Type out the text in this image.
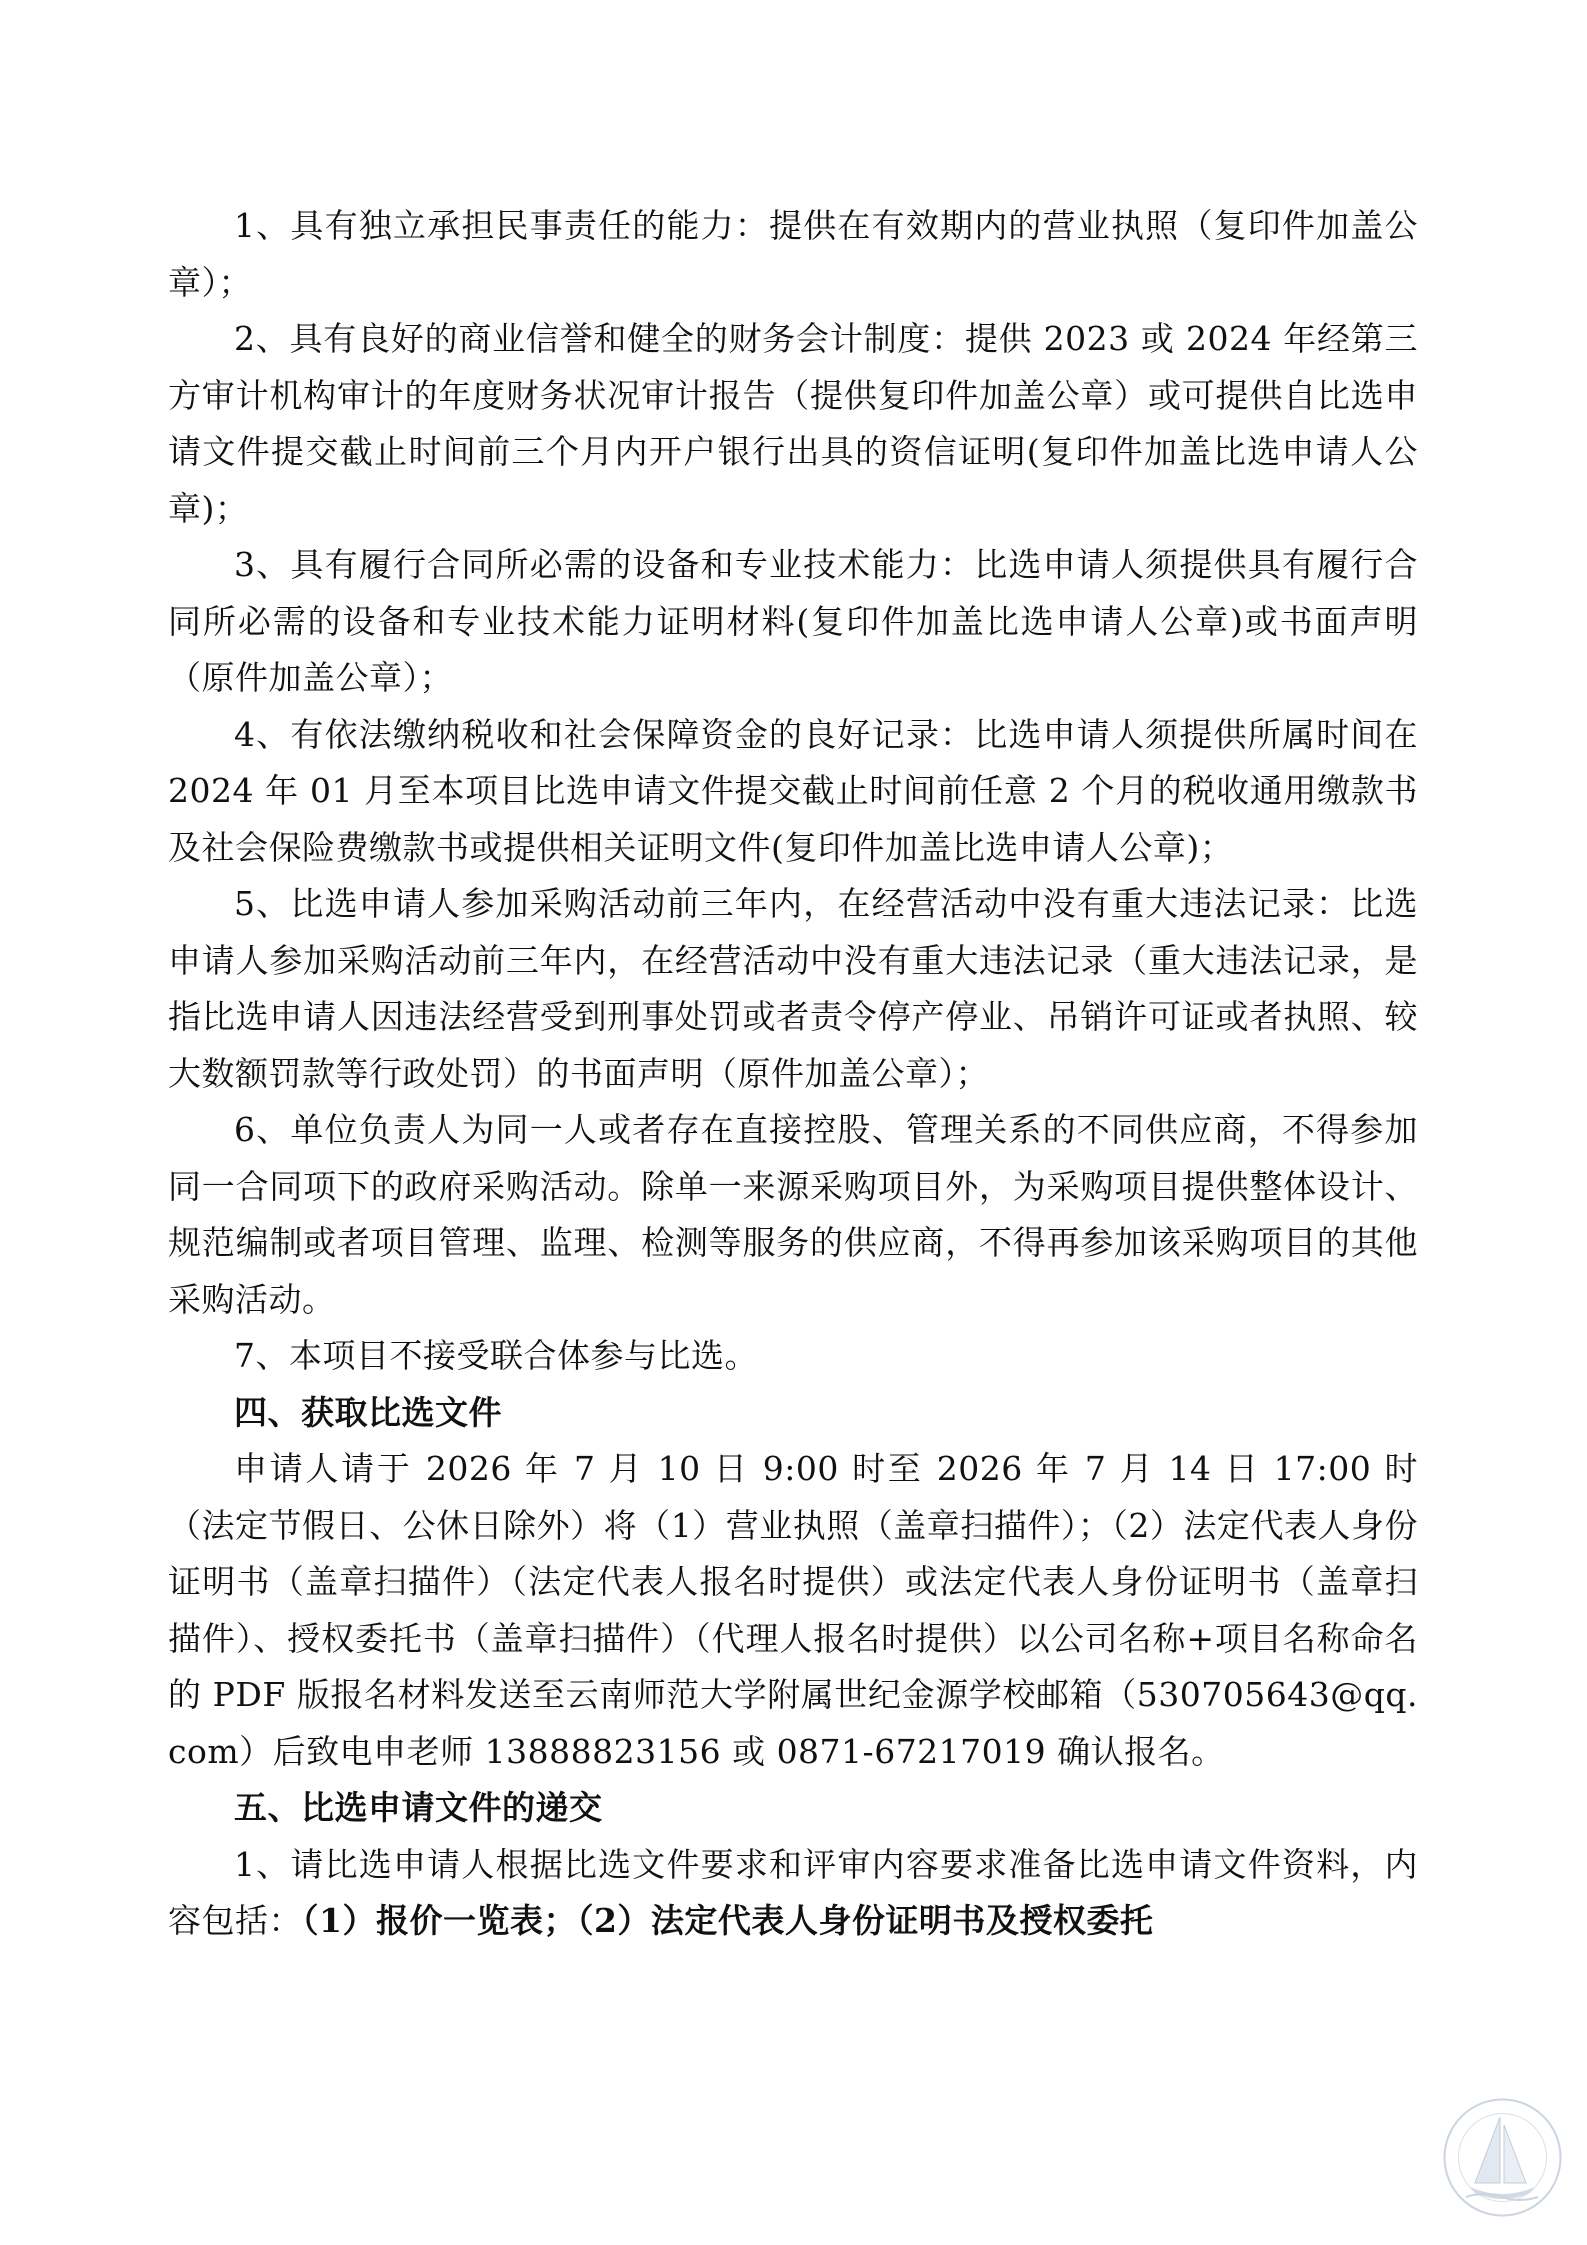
1、具有独立承担民事责任的能力：提供在有效期内的营业执照（复印件加盖公章）；

2、具有良好的商业信誉和健全的财务会计制度：提供 2023 或 2024 年经第三方审计机构审计的年度财务状况审计报告（提供复印件加盖公章）或可提供自比选申请文件提交截止时间前三个月内开户银行出具的资信证明(复印件加盖比选申请人公章)；

3、具有履行合同所必需的设备和专业技术能力：比选申请人须提供具有履行合同所必需的设备和专业技术能力证明材料(复印件加盖比选申请人公章)或书面声明（原件加盖公章）；

4、有依法缴纳税收和社会保障资金的良好记录：比选申请人须提供所属时间在 2024 年 01 月至本项目比选申请文件提交截止时间前任意 2 个月的税收通用缴款书及社会保险费缴款书或提供相关证明文件(复印件加盖比选申请人公章)；

5、比选申请人参加采购活动前三年内，在经营活动中没有重大违法记录：比选申请人参加采购活动前三年内，在经营活动中没有重大违法记录（重大违法记录，是指比选申请人因违法经营受到刑事处罚或者责令停产停业、吊销许可证或者执照、较大数额罚款等行政处罚）的书面声明（原件加盖公章）；

6、单位负责人为同一人或者存在直接控股、管理关系的不同供应商，不得参加同一合同项下的政府采购活动。除单一来源采购项目外，为采购项目提供整体设计、规范编制或者项目管理、监理、检测等服务的供应商，不得再参加该采购项目的其他采购活动。

7、本项目不接受联合体参与比选。

四、获取比选文件

申请人请于 2026 年 7 月 10 日 9:00 时至 2026 年 7 月 14 日 17:00 时（法定节假日、公休日除外）将（1）营业执照（盖章扫描件）；（2）法定代表人身份证明书（盖章扫描件）（法定代表人报名时提供）或法定代表人身份证明书（盖章扫描件）、授权委托书（盖章扫描件）（代理人报名时提供）以公司名称+项目名称命名的 PDF 版报名材料发送至云南师范大学附属世纪金源学校邮箱（530705643@qq.com）后致电申老师 13888823156 或 0871-67217019 确认报名。

五、比选申请文件的递交

1、请比选申请人根据比选文件要求和评审内容要求准备比选申请文件资料，内容包括：（1）报价一览表；（2）法定代表人身份证明书及授权委托
